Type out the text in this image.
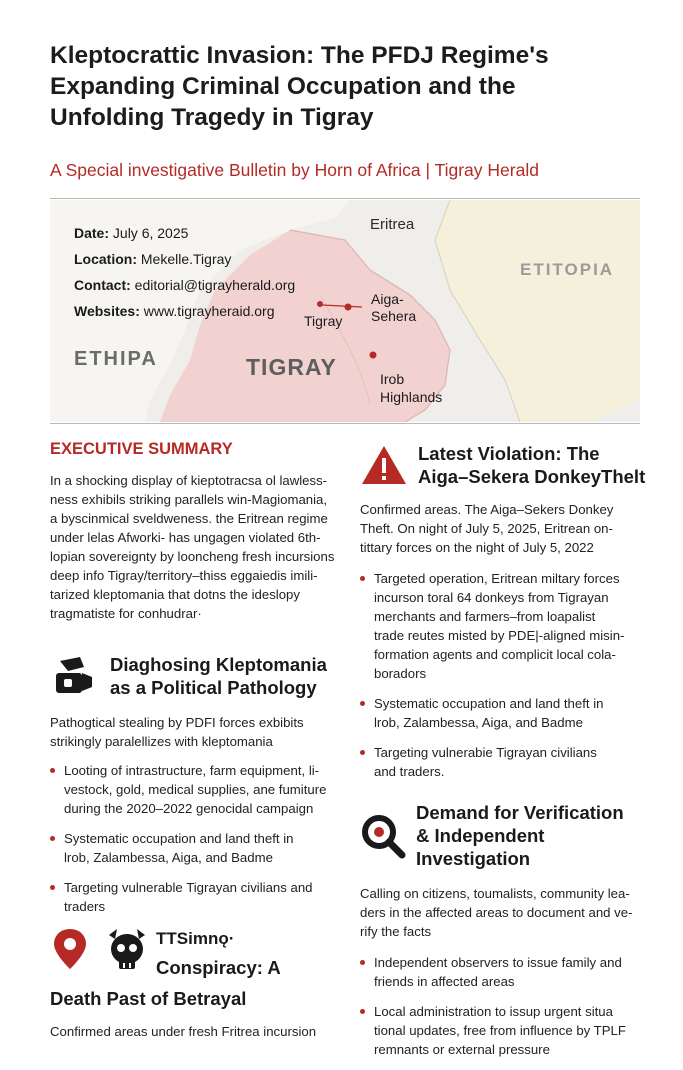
Kleptocrattic Invasion: The PFDJ Regime's
Expanding Criminal Occupation and the
Unfolding Tragedy in Tigray

A Special investigative Bulletin by Horn of Africa | Tigray Herald

Date: July 6, 2025
Location: Mekelle.Tigray
Contact: editorial@tigrayherald.org
Websites: www.tigrayheraid.org
Eritrea
ETITOPIA
ETHIPA	TIGRAY
Tigray
Aiga-
Sehera
Irob
Highlands
EXECUTIVE SUMMARY
In a shocking display of kieptotracsa ol lawless-
ness exhibils striking parallels win-Magiomania,
a byscinmical sveldweness. the Eritrean regime
under lelas Afworki- has ungagen violated 6th-
lopian sovereignty by looncheng fresh incursions
deep info Tigray/territory–thiss eggaiedis imili-
tarized kleptomania that dotns the ideslopy
tragmatiste for conhudrar·
Diaghosing Kleptomania
as a Political Pathology
Pathogtical stealing by PDFI forces exbibits
strikingly paralellizes with kleptomania
Looting of intrastructure, farm equipment, li-
vestock, gold, medical supplies, ane fumiture
during the 2020–2022 genocidal campaign
Systematic occupation and land theft in
lrob, Zalambessa, Aiga, and Badme
Targeting vulnerable Tigrayan civilians and
traders
TTSimnǫ·
Conspiracy: A
Death Past of Betrayal
Confirmed areas under fresh Fritrea incursion
Latest Violation: The
Aiga–Sekera DonkeyThelt
Confirmed areas. The Aiga–Sekers Donkey
Theft. On night of July 5, 2025, Eritrean on-
tittary forces on the night of July 5, 2022
Targeted operation, Eritrean miltary forces
incurson toral 64 donkeys from Tigrayan
merchants and farmers–from loapalist
trade reutes misted by PDE|-aligned misin-
formation agents and complicit local cola-
boradors
Systematic occupation and land theft in
lrob, Zalambessa, Aiga, and Badme
Targeting vulnerabie Tigrayan civilians
and traders.
Demand for Verification
& Independent Investigation
Calling on citizens, toumalists, community lea-
ders in the affected areas to document and ve-
rify the facts
Independent observers to issue family and
friends in affected areas
Local administration to issup urgent situa
tional updates, free from influence by TPLF
remnants or external pressure
